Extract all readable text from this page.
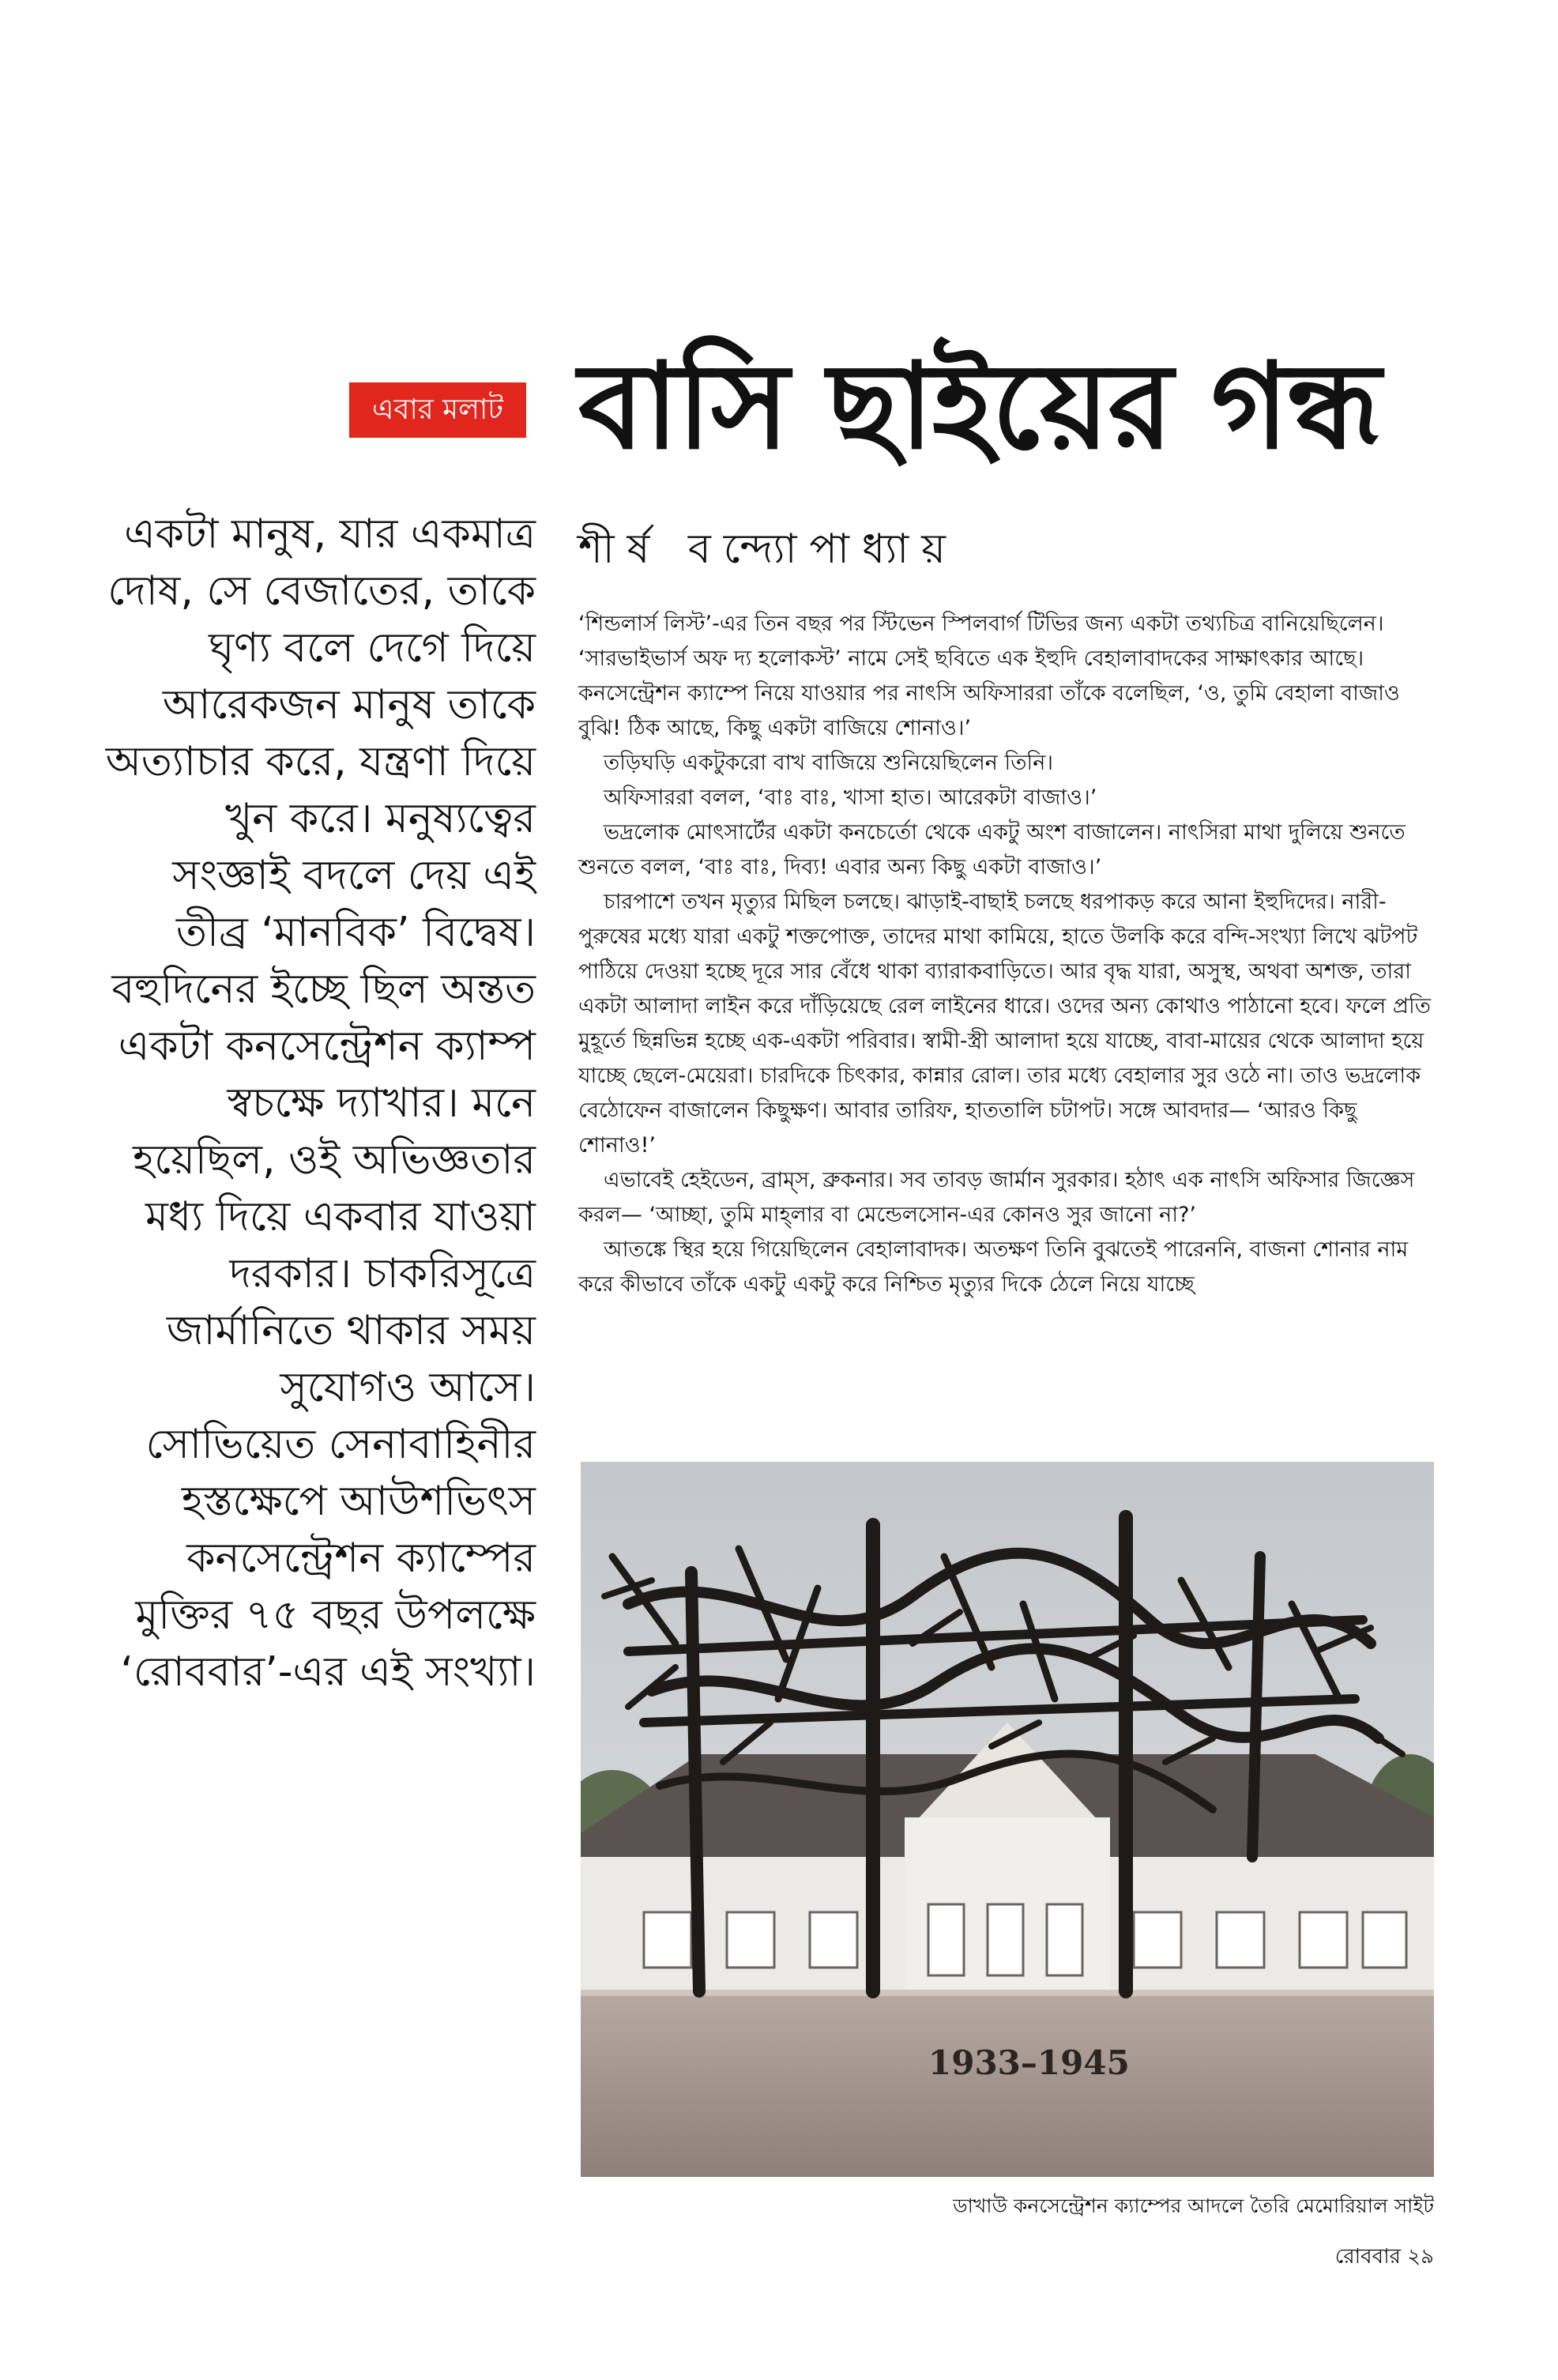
এবার মলাট বাসি ছাইয়ের গন্ধ
শীর্ষ বন্দ্যোপাধ্যায়
একটা মানুষ, যার একমাত্র দোষ, সে বেজাতের, তাকে ঘৃণ্য বলে দেগে দিয়ে আরেকজন মানুষ তাকে অত্যাচার করে, যন্ত্রণা দিয়ে খুন করে। মনুষ্যত্বের সংজ্ঞাই বদলে দেয় এই তীব্র ‘মানবিক’ বিদ্বেষ। বহুদিনের ইচ্ছে ছিল অন্তত একটা কনসেন্ট্রেশন ক্যাম্প স্বচক্ষে দ্যাখার। মনে হয়েছিল, ওই অভিজ্ঞতার মধ্য দিয়ে একবার যাওয়া দরকার। চাকরিসূত্রে জার্মানিতে থাকার সময় সুযোগও আসে। সোভিয়েত সেনাবাহিনীর হস্তক্ষেপে আউশভিৎস কনসেন্ট্রেশন ক্যাম্পের মুক্তির ৭৫ বছর উপলক্ষে ‘রোববার’-এর এই সংখ্যা।

‘শিন্ডলার্স লিস্ট’-এর তিন বছর পর স্টিভেন স্পিলবার্গ টিভির জন্য একটা তথ্যচিত্র বানিয়েছিলেন। ‘সারভাইভার্স অফ দ্য হলোকস্ট’ নামে সেই ছবিতে এক ইহুদি বেহালাবাদকের সাক্ষাৎকার আছে। কনসেন্ট্রেশন ক্যাম্পে নিয়ে যাওয়ার পর নাৎসি অফিসাররা তাঁকে বলেছিল, ‘ও, তুমি বেহালা বাজাও বুঝি! ঠিক আছে, কিছু একটা বাজিয়ে শোনাও।’

তড়িঘড়ি একটুকরো বাখ বাজিয়ে শুনিয়েছিলেন তিনি।

অফিসাররা বলল, ‘বাঃ বাঃ, খাসা হাত। আরেকটা বাজাও।’

ভদ্রলোক মোৎসার্টের একটা কনচের্তো থেকে একটু অংশ বাজালেন। নাৎসিরা মাথা দুলিয়ে শুনতে শুনতে বলল, ‘বাঃ বাঃ, দিব্য! এবার অন্য কিছু একটা বাজাও।’

চারপাশে তখন মৃত্যুর মিছিল চলছে। ঝাড়াই-বাছাই চলছে ধরপাকড় করে আনা ইহুদিদের। নারী-পুরুষের মধ্যে যারা একটু শক্তপোক্ত, তাদের মাথা কামিয়ে, হাতে উলকি করে বন্দি-সংখ্যা লিখে ঝটপট পাঠিয়ে দেওয়া হচ্ছে দূরে সার বেঁধে থাকা ব্যারাকবাড়িতে। আর বৃদ্ধ যারা, অসুস্থ, অথবা অশক্ত, তারা একটা আলাদা লাইন করে দাঁড়িয়েছে রেল লাইনের ধারে। ওদের অন্য কোথাও পাঠানো হবে। ফলে প্রতি মুহূর্তে ছিন্নভিন্ন হচ্ছে এক-একটা পরিবার। স্বামী-স্ত্রী আলাদা হয়ে যাচ্ছে, বাবা-মায়ের থেকে আলাদা হয়ে যাচ্ছে ছেলে-মেয়েরা। চারদিকে চিৎকার, কান্নার রোল। তার মধ্যে বেহালার সুর ওঠে না। তাও ভদ্রলোক বেঠোফেন বাজালেন কিছুক্ষণ। আবার তারিফ, হাততালি চটাপট। সঙ্গে আবদার— ‘আরও কিছু শোনাও!’

এভাবেই হেইডেন, ব্রাম্‌স, ব্রুকনার। সব তাবড় জার্মান সুরকার। হঠাৎ এক নাৎসি অফিসার জিজ্ঞেস করল— ‘আচ্ছা, তুমি মাহ্‌লার বা মেন্ডেলসোন-এর কোনও সুর জানো না?’

আতঙ্কে স্থির হয়ে গিয়েছিলেন বেহালাবাদক। অতক্ষণ তিনি বুঝতেই পারেননি, বাজনা শোনার নাম করে কীভাবে তাঁকে একটু একটু করে নিশ্চিত মৃত্যুর দিকে ঠেলে নিয়ে যাচ্ছে

1933–1945
ডাখাউ কনসেন্ট্রেশন ক্যাম্পের আদলে তৈরি মেমোরিয়াল সাইট
রোববার ২৯
